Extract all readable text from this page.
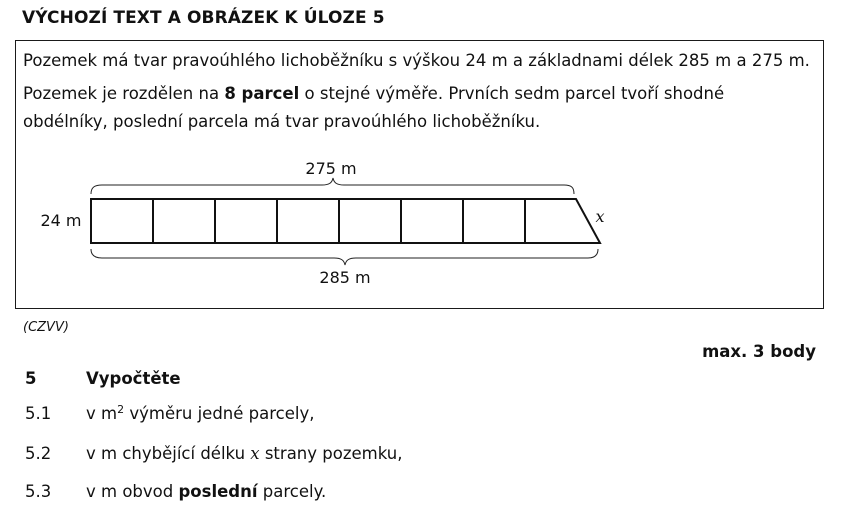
VÝCHOZÍ TEXT A OBRÁZEK K ÚLOZE 5
Pozemek má tvar pravoúhlého lichoběžníku s výškou 24 m a základnami délek 285 m a 275 m.
Pozemek je rozdělen na 8 parcel o stejné výměře. Prvních sedm parcel tvoří shodné
obdélníky, poslední parcela má tvar pravoúhlého lichoběžníku.
275 m
24 m	x
285 m
(CZVV)
max. 3 body
5	Vypočtěte
5.1 v $m^2$ výměru jedné parcely,
5.2 v m chybějící délku x strany pozemku,
5.3 v m obvod poslední parcely.
